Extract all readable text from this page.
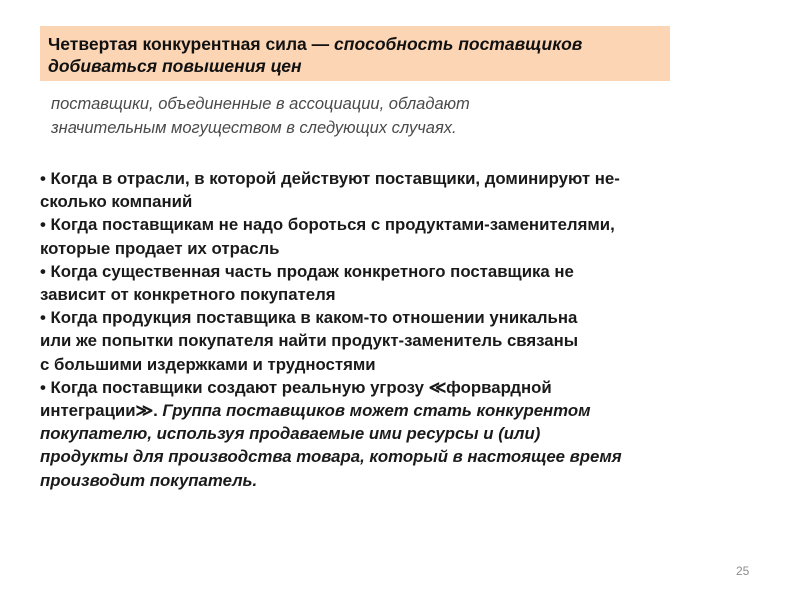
Четвертая конкурентная сила — способность поставщиков
добиваться повышения цен
поставщики, объединенные в ассоциации, обладают
значительным могуществом в следующих случаях.
• Когда в отрасли, в которой действуют поставщики, доминируют не-
сколько компаний
• Когда поставщикам не надо бороться с продуктами-заменителями,
которые продает их отрасль
• Когда существенная часть продаж конкретного поставщика не
зависит от конкретного покупателя
• Когда продукция поставщика в каком-то отношении уникальна
или же попытки покупателя найти продукт-заменитель связаны
с большими издержками и трудностями
• Когда поставщики создают реальную угрозу ≪форвардной
интеграции≫. Группа поставщиков может стать конкурентом
покупателю, используя продаваемые ими ресурсы и (или)
продукты для производства товара, который в настоящее время
производит покупатель.
25
